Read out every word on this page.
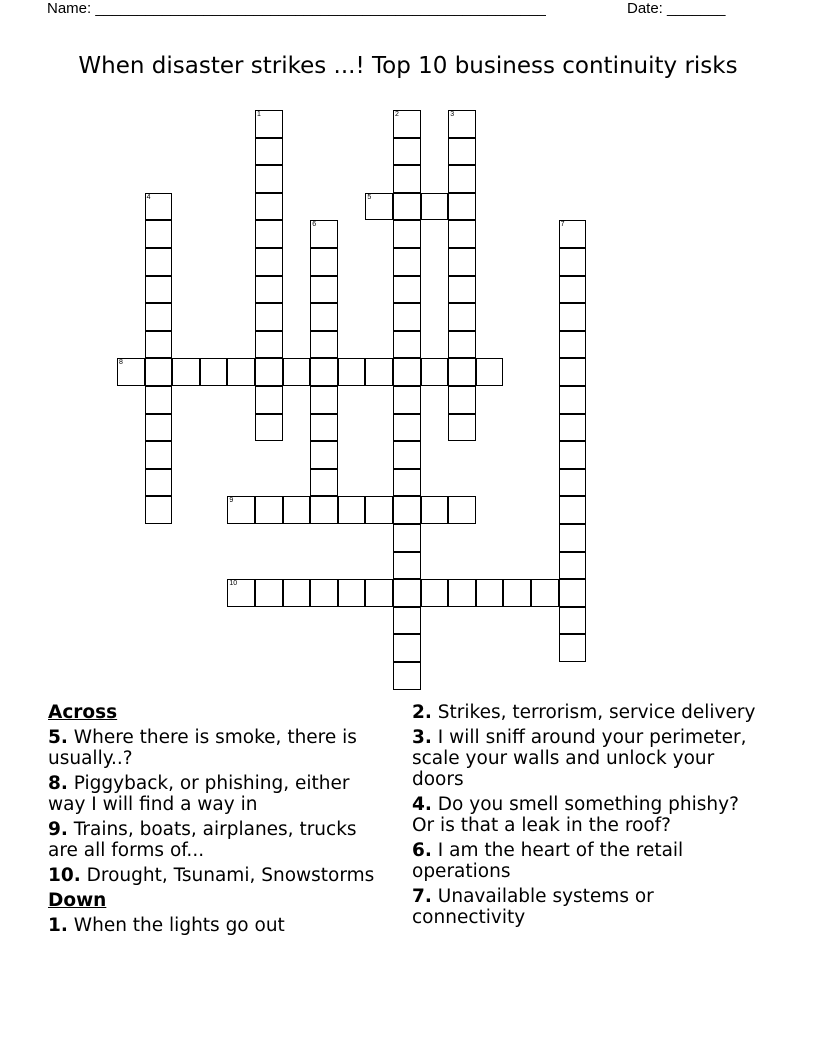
Name: ______________________________________________________	Date: _______
When disaster strikes ...! Top 10 business continuity risks
1	2	3
4	5
6	7
8
9
10
Across
5. Where there is smoke, there is usually..?
8. Piggyback, or phishing, either way I will find a way in
9. Trains, boats, airplanes, trucks are all forms of...
10. Drought, Tsunami, Snowstorms
Down
1. When the lights go out
2. Strikes, terrorism, service delivery
3. I will sniff around your perimeter, scale your walls and unlock your doors
4. Do you smell something phishy? Or is that a leak in the roof?
6. I am the heart of the retail operations
7. Unavailable systems or connectivity
